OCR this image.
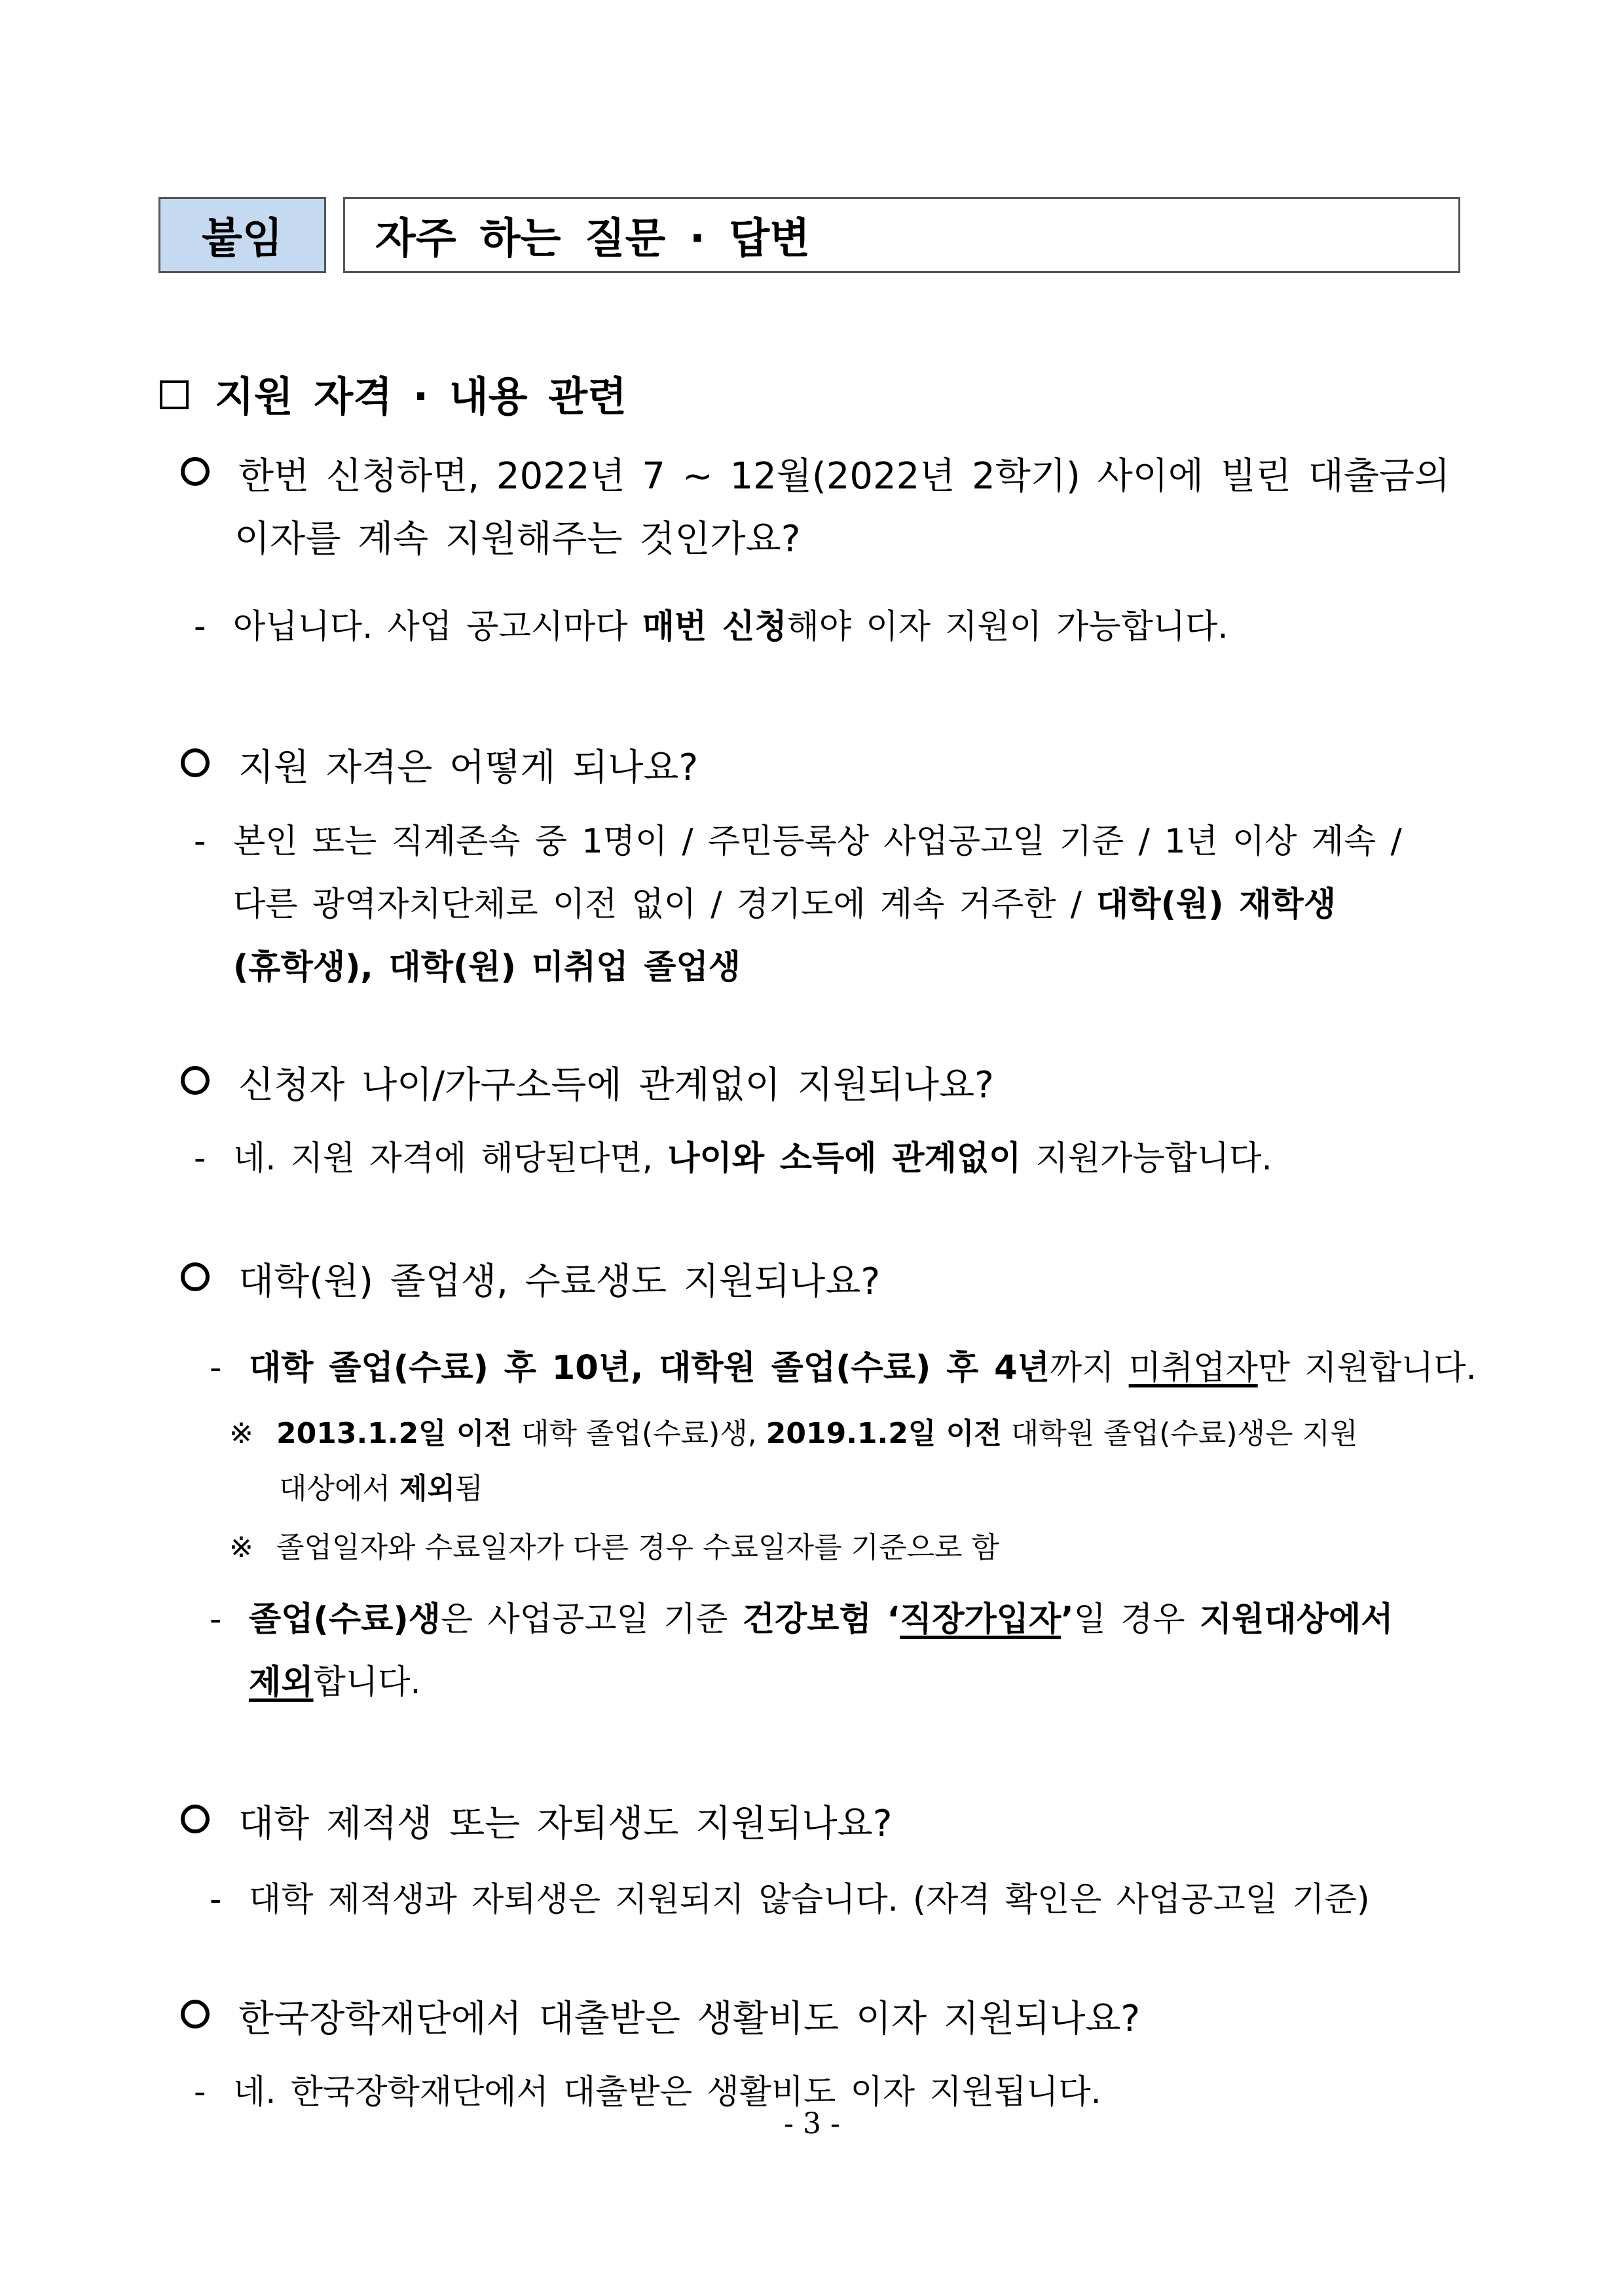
붙임	자주 하는 질문 · 답변
지원 자격 · 내용 관련
한번 신청하면, 2022년 7 ~ 12월(2022년 2학기) 사이에 빌린 대출금의
이자를 계속 지원해주는 것인가요?
- 아닙니다. 사업 공고시마다 매번 신청해야 이자 지원이 가능합니다.
지원 자격은 어떻게 되나요?
- 본인 또는 직계존속 중 1명이 / 주민등록상 사업공고일 기준 / 1년 이상 계속 /
다른 광역자치단체로 이전 없이 / 경기도에 계속 거주한 / 대학(원) 재학생
(휴학생), 대학(원) 미취업 졸업생
신청자 나이/가구소득에 관계없이 지원되나요?
- 네. 지원 자격에 해당된다면, 나이와 소득에 관계없이 지원가능합니다.
대학(원) 졸업생, 수료생도 지원되나요?
- 대학 졸업(수료) 후 10년, 대학원 졸업(수료) 후 4년까지 미취업자만 지원합니다.
※ 2013.1.2일 이전 대학 졸업(수료)생, 2019.1.2일 이전 대학원 졸업(수료)생은 지원
대상에서 제외됨
※ 졸업일자와 수료일자가 다른 경우 수료일자를 기준으로 함
- 졸업(수료)생은 사업공고일 기준 건강보험 ‘직장가입자’일 경우 지원대상에서
제외합니다.
대학 제적생 또는 자퇴생도 지원되나요?
- 대학 제적생과 자퇴생은 지원되지 않습니다. (자격 확인은 사업공고일 기준)
한국장학재단에서 대출받은 생활비도 이자 지원되나요?
- 네. 한국장학재단에서 대출받은 생활비도 이자 지원됩니다.
- 3 -
